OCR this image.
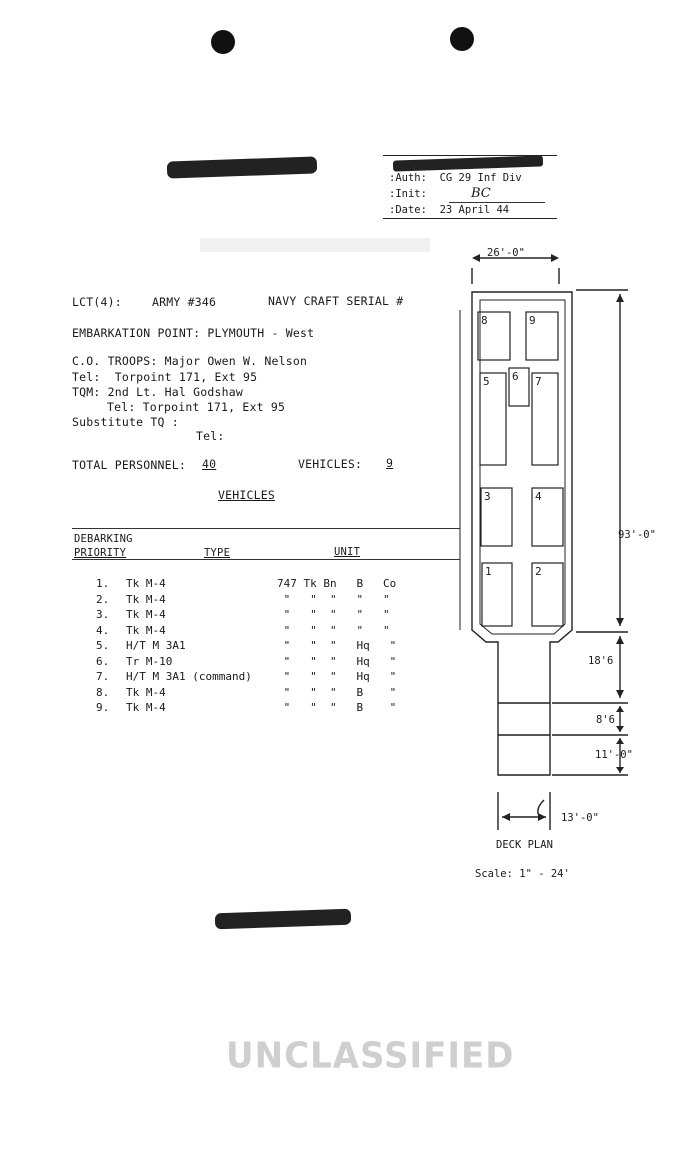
:Auth:  CG 29 Inf Div
:Init:	BC
:Date:  23 April 44
LCT(4):	ARMY #346	NAVY CRAFT SERIAL #
EMBARKATION POINT: PLYMOUTH - West
C.O. TROOPS: Major Owen W. Nelson
Tel:  Torpoint 171, Ext 95
TQM: 2nd Lt. Hal Godshaw
Tel: Torpoint 171, Ext 95
Substitute TQ :
Tel:
TOTAL PERSONNEL: 40	VEHICLES: 9
VEHICLES
DEBARKING
PRIORITY	TYPE	UNIT
1. Tk M-4	747 Tk Bn   B   Co
2. Tk M-4	"   "  "   "   "
3. Tk M-4	"   "  "   "   "
4. Tk M-4	"   "  "   "   "
5. H/T M 3A1	"   "  "   Hq   "
6. Tr M-10	"   "  "   Hq   "
7. H/T M 3A1 (command) "   "  "   Hq   "
8. Tk M-4	"   "  "   B    "
9. Tk M-4	"   "  "   B    "
8	9
5 6 7
3	4
1	2
26'-0"
93'-0"
18'6
8'6
11'-0"
13'-0"
DECK PLAN
Scale: 1" - 24'
UNCLASSIFIED
